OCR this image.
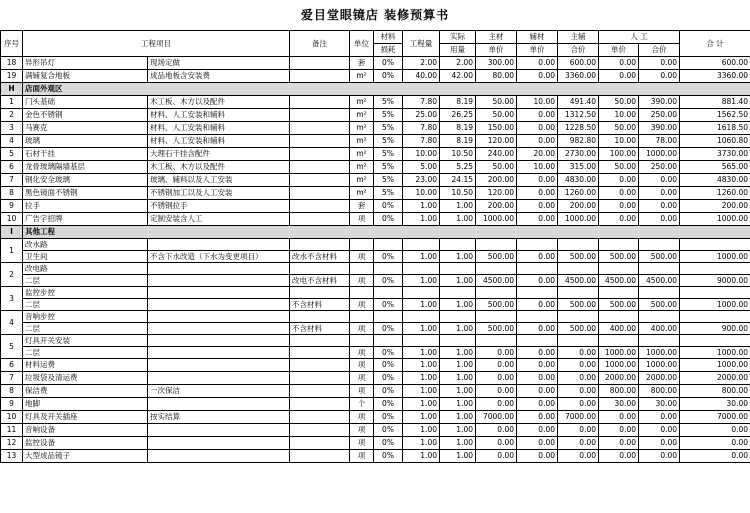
爱目堂眼镜店 装修预算书
序号	工程项目		备注	单位	材料	工程量	实际	主材	辅材	主辅	人 工		合 计
					损耗		用量	单价	单价	合价	单价	合价	
18	异形吊灯	现场定做		套	0%	2.00	2.00	300.00	0.00	600.00	0.00	0.00	600.00
19	满铺复合地板	成品地板含安装费		m²	0%	40.00	42.00	80.00	0.00	3360.00	0.00	0.00	3360.00
H	店面外观区												
1	门头基础	木工板、木方以及配件		m²	5%	7.80	8.19	50.00	10.00	491.40	50.00	390.00	881.40
2	金色不锈钢	材料、人工安装和辅料		m²	5%	25.00	26.25	50.00	0.00	1312.50	10.00	250.00	1562.50
3	马赛克	材料、人工安装和辅料		m²	5%	7.80	8.19	150.00	0.00	1228.50	50.00	390.00	1618.50
4	玻璃	材料、人工安装和辅料		m²	5%	7.80	8.19	120.00	0.00	982.80	10.00	78.00	1060.80
5	石材干挂	大理石干挂含配件		m²	5%	10.00	10.50	240.00	20.00	2730.00	100.00	1000.00	3730.00
6	龙骨玻璃隔墙基层	木工板、木方以及配件		m²	5%	5.00	5.25	50.00	10.00	315.00	50.00	250.00	565.00
7	钢化安全玻璃	玻璃、辅料以及人工安装		m²	5%	23.00	24.15	200.00	0.00	4830.00	0.00	0.00	4830.00
8	黑色镜面不锈钢	不锈钢加工以及人工安装		m²	5%	10.00	10.50	120.00	0.00	1260.00	0.00	0.00	1260.00
9	拉手	不锈钢拉手		套	0%	1.00	1.00	200.00	0.00	200.00	0.00	0.00	200.00
10	广告字招牌	定制安装含人工		项	0%	1.00	1.00	1000.00	0.00	1000.00	0.00	0.00	1000.00
I	其他工程												
1	改水路												
	卫生间	不含下水改造（下水为变更项目）	改水不含材料	项	0%	1.00	1.00	500.00	0.00	500.00	500.00	500.00	1000.00
2	改电路												
	二层		改电不含材料	项	0%	1.00	1.00	4500.00	0.00	4500.00	4500.00	4500.00	9000.00
3	监控步控												
	二层		不含材料	项	0%	1.00	1.00	500.00	0.00	500.00	500.00	500.00	1000.00
4	音响步控												
	二层		不含材料	项	0%	1.00	1.00	500.00	0.00	500.00	400.00	400.00	900.00
5	灯具开关安装												
	二层			项	0%	1.00	1.00	0.00	0.00	0.00	1000.00	1000.00	1000.00
6	材料运费			项	0%	1.00	1.00	0.00	0.00	0.00	1000.00	1000.00	1000.00
7	垃圾袋及清运费			项	0%	1.00	1.00	0.00	0.00	0.00	2000.00	2000.00	2000.00
8	保洁费	一次保洁		项	0%	1.00	1.00	0.00	0.00	0.00	800.00	800.00	800.00
9	地脚			个	0%	1.00	1.00	0.00	0.00	0.00	30.00	30.00	30.00
10	灯具及开关插座	按实结算		项	0%	1.00	1.00	7000.00	0.00	7000.00	0.00	0.00	7000.00
11	音响设备			项	0%	1.00	1.00	0.00	0.00	0.00	0.00	0.00	0.00
12	监控设备			项	0%	1.00	1.00	0.00	0.00	0.00	0.00	0.00	0.00
13	大型成品镜子			项	0%	1.00	1.00	0.00	0.00	0.00	0.00	0.00	0.00
